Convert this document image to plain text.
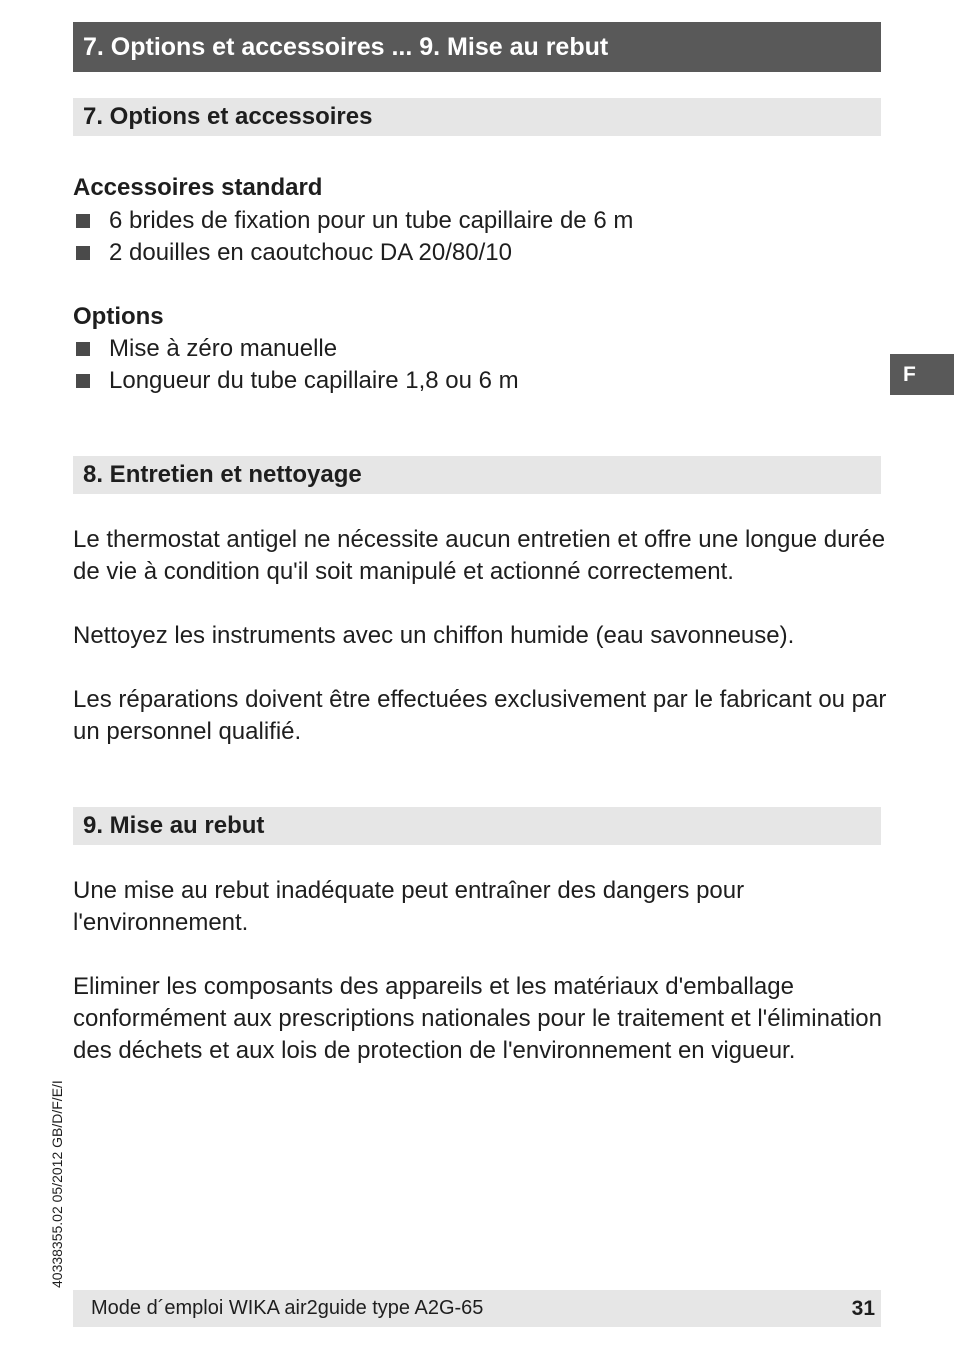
7. Options et accessoires ... 9. Mise au rebut
7. Options et accessoires
Accessoires standard
6 brides de fixation pour un tube capillaire de 6 m
2 douilles en caoutchouc DA 20/80/10
Options
Mise à zéro manuelle
Longueur du tube capillaire 1,8 ou 6 m	F
8. Entretien et nettoyage
Le thermostat antigel ne nécessite aucun entretien et offre une longue durée de vie à condition qu'il soit manipulé et actionné correctement.
Nettoyez les instruments avec un chiffon humide (eau savonneuse).
Les réparations doivent être effectuées exclusivement par le fabricant ou par un personnel qualifié.
9. Mise au rebut
Une mise au rebut inadéquate peut entraîner des dangers pour l'environnement.
Eliminer les composants des appareils et les matériaux d'emballage conformément aux prescriptions nationales pour le traitement et l'élimination des déchets et aux lois de protection de l'environnement en vigueur.
40338355.02 05/2012 GB/D/F/E/I
Mode d´emploi WIKA air2guide type A2G-65	31
